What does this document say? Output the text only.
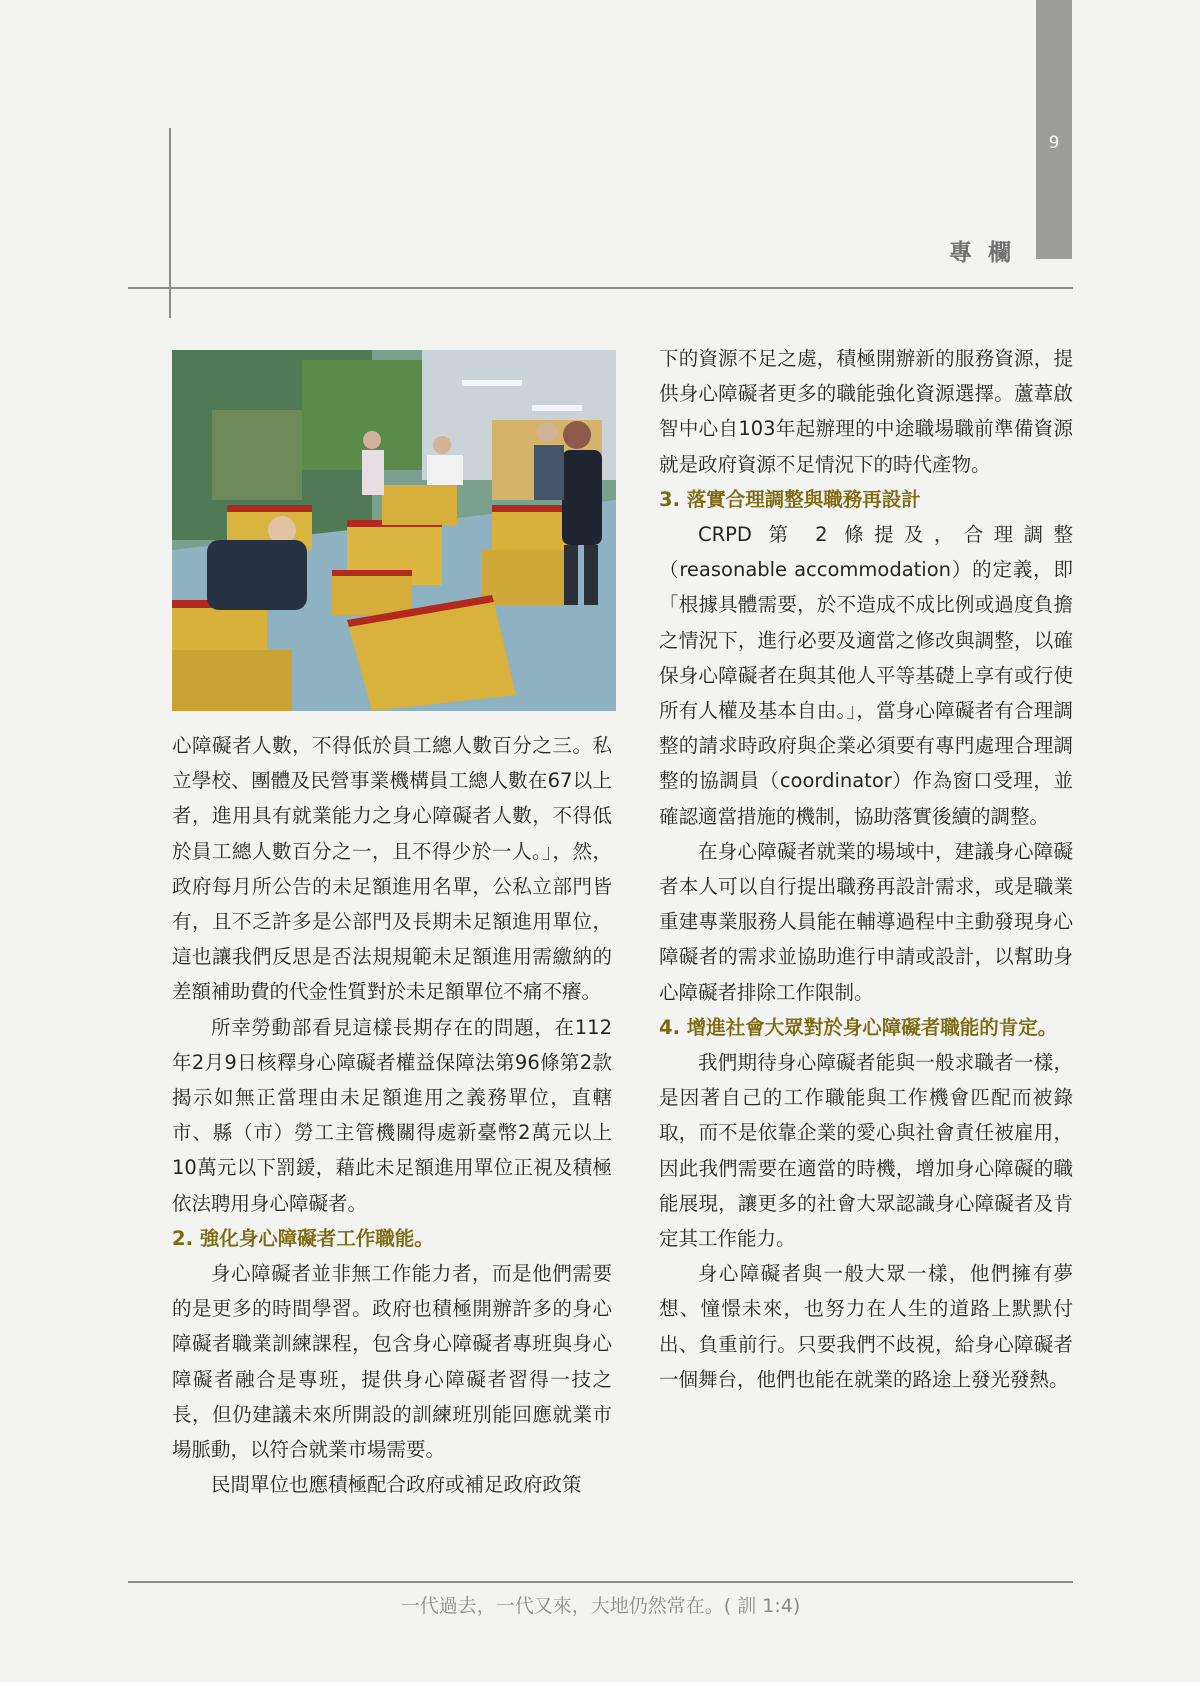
9
專 欄

心障礙者人數，不得低於員工總人數百分之三。私立學校、團體及民營事業機構員工總人數在67以上者，進用具有就業能力之身心障礙者人數，不得低於員工總人數百分之一，且不得少於一人。」，然，政府每月所公告的未足額進用名單，公私立部門皆有，且不乏許多是公部門及長期未足額進用單位，這也讓我們反思是否法規規範未足額進用需繳納的差額補助費的代金性質對於未足額單位不痛不癢。

所幸勞動部看見這樣長期存在的問題，在112年2月9日核釋身心障礙者權益保障法第96條第2款揭示如無正當理由未足額進用之義務單位，直轄市、縣（市）勞工主管機關得處新臺幣2萬元以上10萬元以下罰鍰，藉此未足額進用單位正視及積極依法聘用身心障礙者。

2. 強化身心障礙者工作職能。

身心障礙者並非無工作能力者，而是他們需要的是更多的時間學習。政府也積極開辦許多的身心障礙者職業訓練課程，包含身心障礙者專班與身心障礙者融合是專班，提供身心障礙者習得一技之長，但仍建議未來所開設的訓練班別能回應就業市場脈動，以符合就業市場需要。

民間單位也應積極配合政府或補足政府政策

下的資源不足之處，積極開辦新的服務資源，提供身心障礙者更多的職能強化資源選擇。蘆葦啟智中心自103年起辦理的中途職場職前準備資源就是政府資源不足情況下的時代產物。

3. 落實合理調整與職務再設計

CRPD 第 2 條提及，合理調整（reasonable accommodation）的定義，即「根據具體需要，於不造成不成比例或過度負擔之情況下，進行必要及適當之修改與調整，以確保身心障礙者在與其他人平等基礎上享有或行使所有人權及基本自由。」，當身心障礙者有合理調整的請求時政府與企業必須要有專門處理合理調整的協調員（coordinator）作為窗口受理，並確認適當措施的機制，協助落實後續的調整。

在身心障礙者就業的場域中，建議身心障礙者本人可以自行提出職務再設計需求，或是職業重建專業服務人員能在輔導過程中主動發現身心障礙者的需求並協助進行申請或設計，以幫助身心障礙者排除工作限制。

4. 增進社會大眾對於身心障礙者職能的肯定。

我們期待身心障礙者能與一般求職者一樣，是因著自己的工作職能與工作機會匹配而被錄取，而不是依靠企業的愛心與社會責任被雇用，因此我們需要在適當的時機，增加身心障礙的職能展現，讓更多的社會大眾認識身心障礙者及肯定其工作能力。

身心障礙者與一般大眾一樣，他們擁有夢想、憧憬未來，也努力在人生的道路上默默付出、負重前行。只要我們不歧視，給身心障礙者一個舞台，他們也能在就業的路途上發光發熱。

一代過去，一代又來，大地仍然常在。( 訓 1:4)
